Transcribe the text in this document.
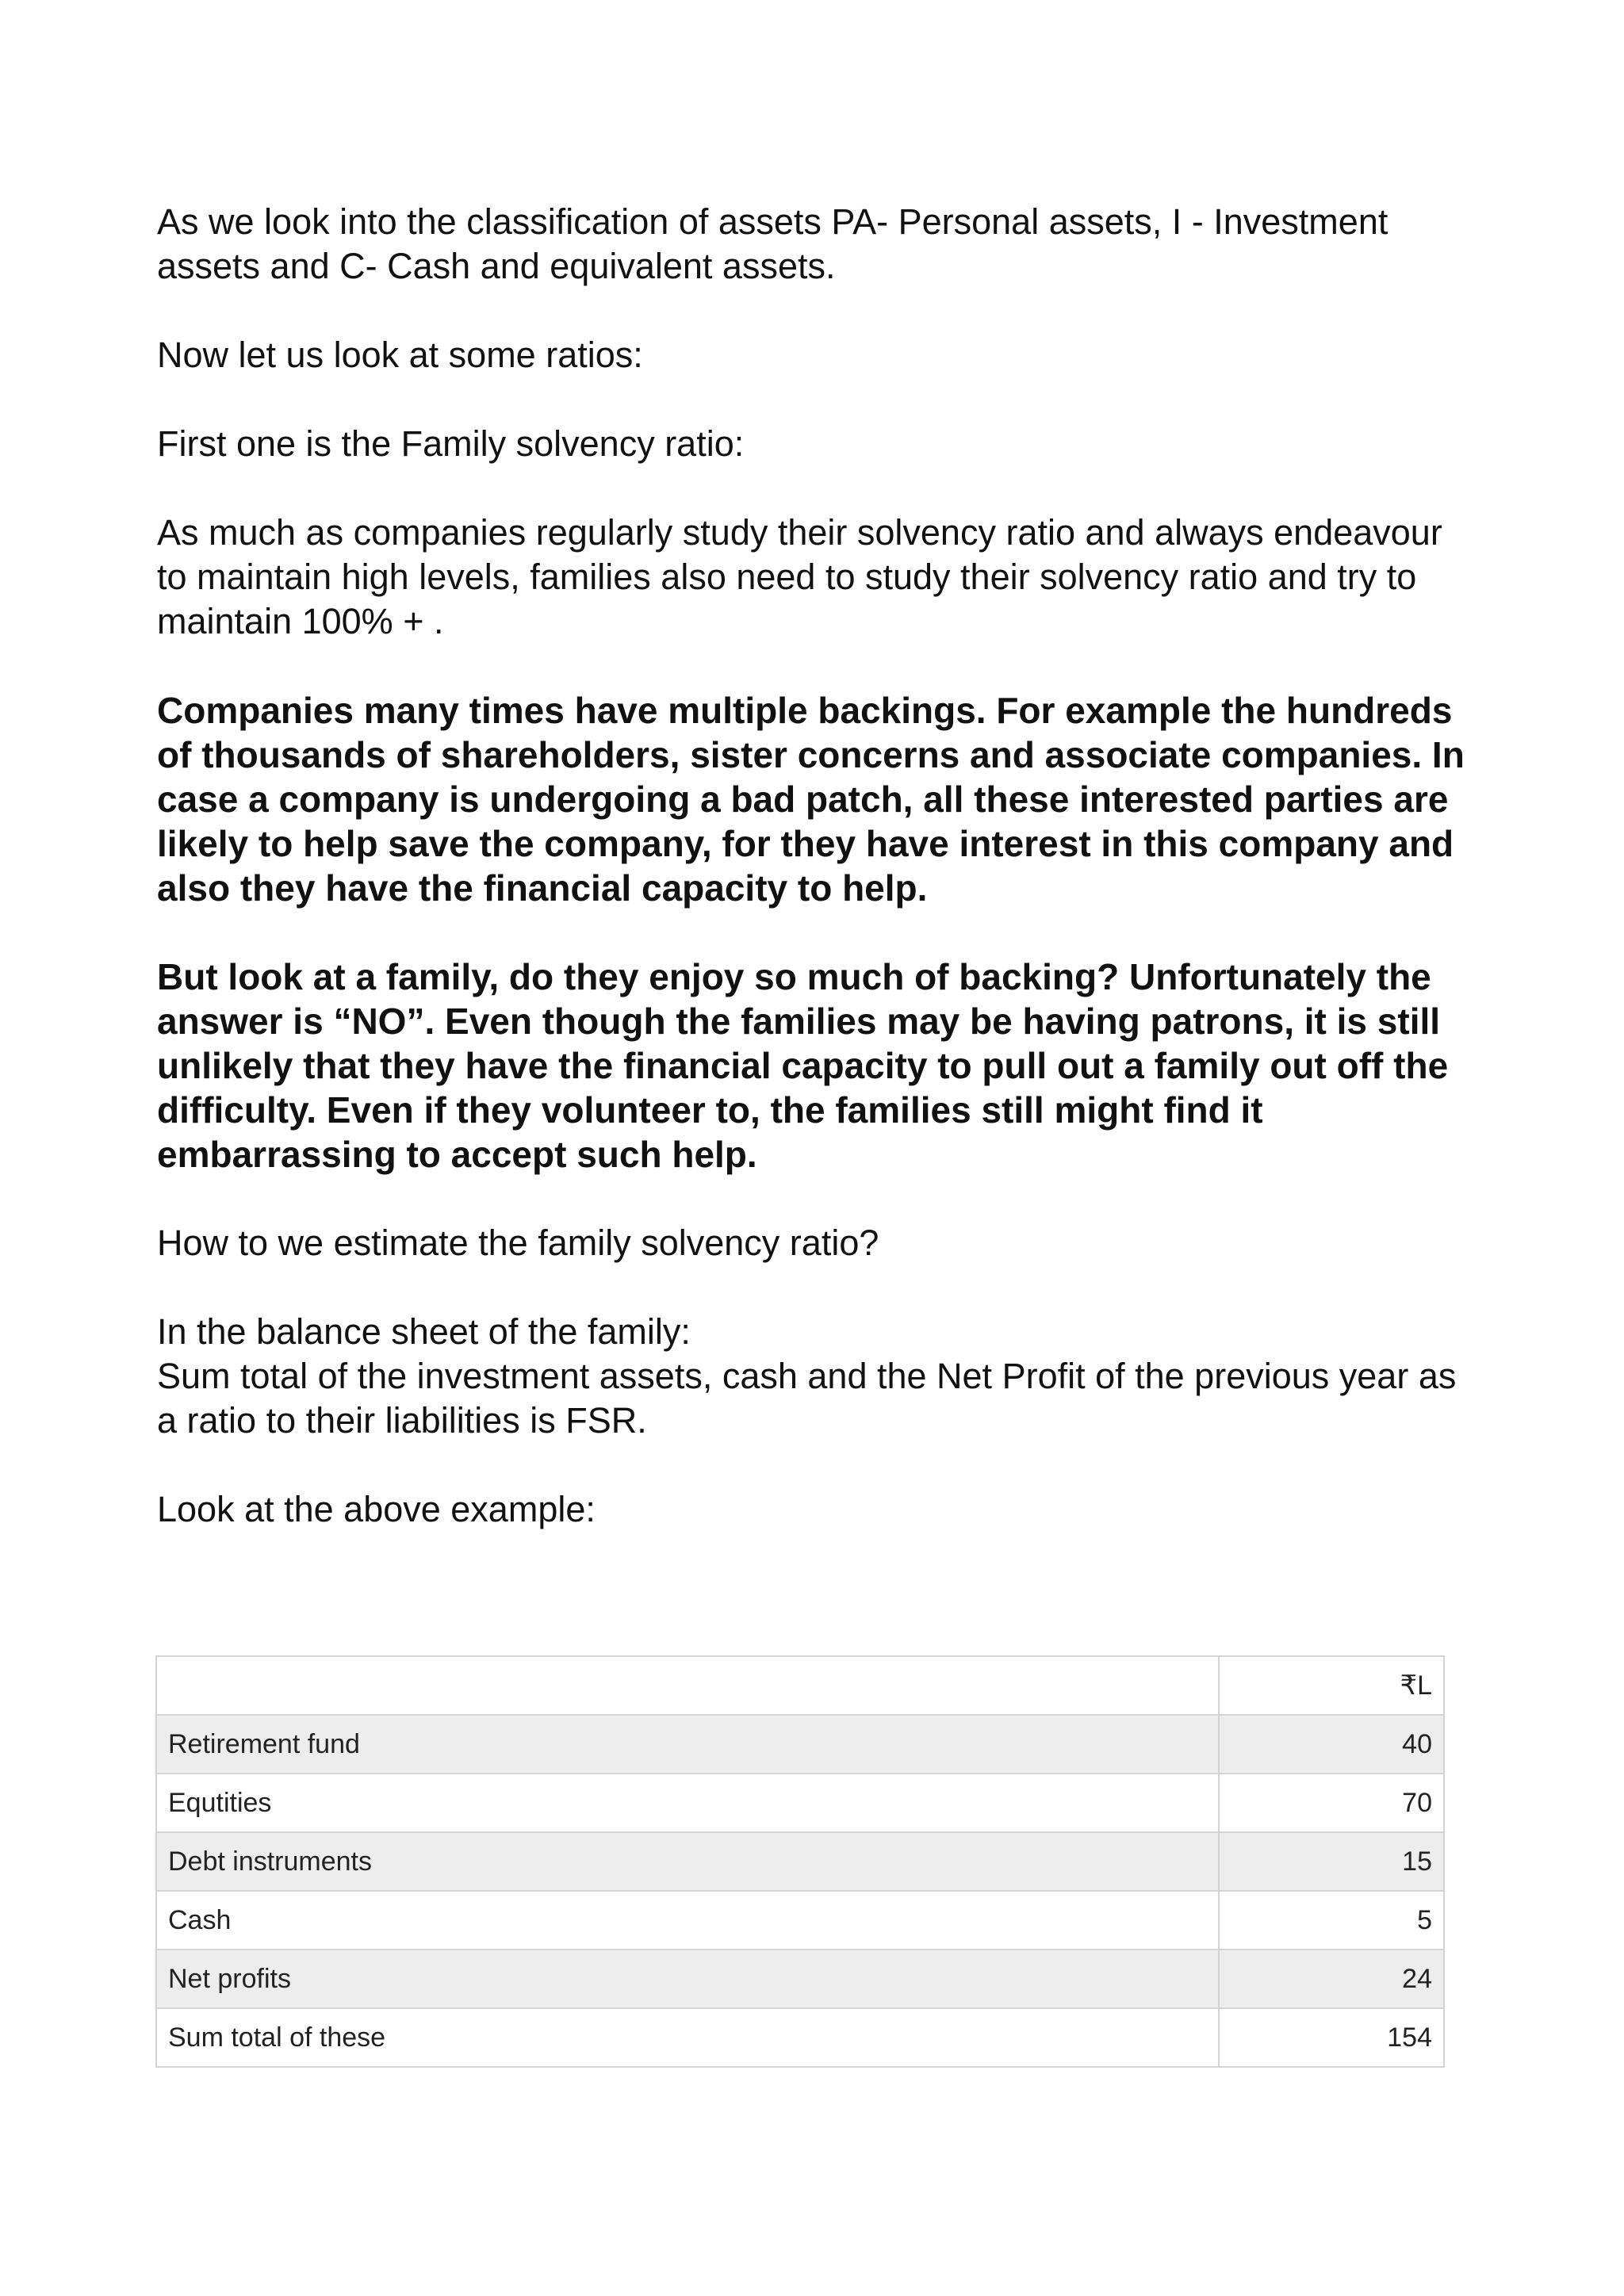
As we look into the classification of assets PA- Personal assets, I - Investment assets and C- Cash and equivalent assets.

Now let us look at some ratios:

First one is the Family solvency ratio:

As much as companies regularly study their solvency ratio and always endeavour to maintain high levels, families also need to study their solvency ratio and try to maintain 100% + .

Companies many times have multiple backings. For example the hundreds of thousands of shareholders, sister concerns and associate companies. In case a company is undergoing a bad patch, all these interested parties are likely to help save the company, for they have interest in this company and also they have the financial capacity to help.

But look at a family, do they enjoy so much of backing? Unfortunately the answer is “NO”. Even though the families may be having patrons, it is still unlikely that they have the financial capacity to pull out a family out off the difficulty. Even if they volunteer to, the families still might find it embarrassing to accept such help.

How to we estimate the family solvency ratio?

In the balance sheet of the family:

Sum total of the investment assets, cash and the Net Profit of the previous year as a ratio to their liabilities is FSR.

Look at the above example:

	₹L
Retirement fund	40
Equtities	70
Debt instruments	15
Cash	5
Net profits	24
Sum total of these	154
